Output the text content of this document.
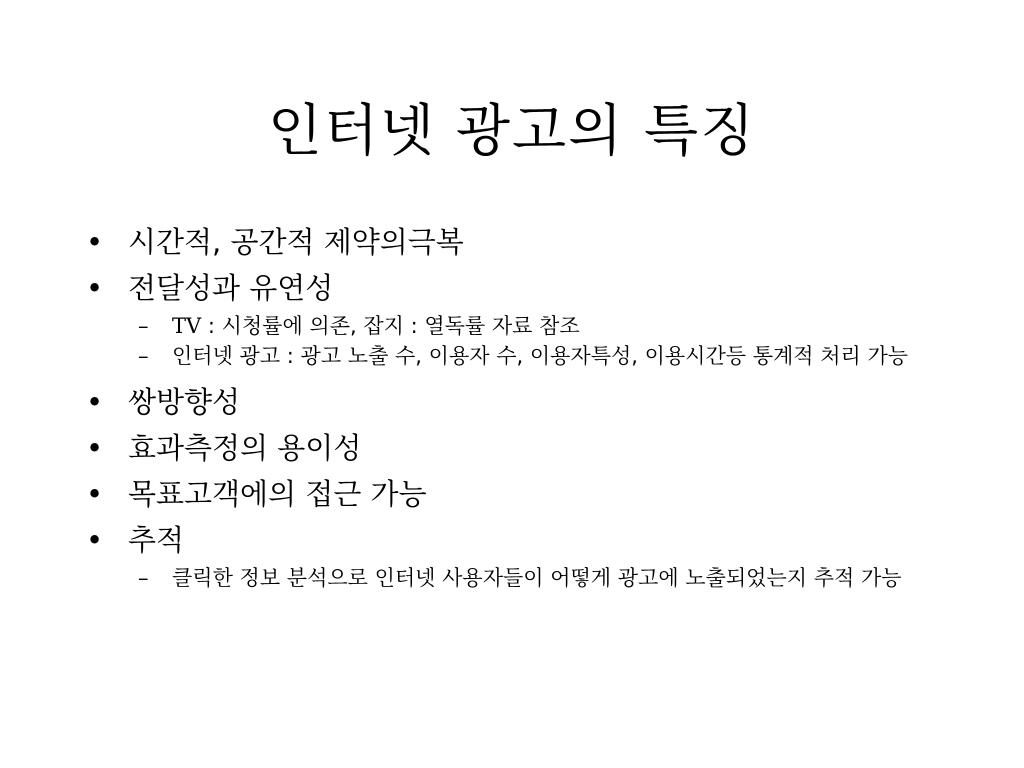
인터넷 광고의 특징
• 시간적, 공간적 제약의극복
• 전달성과 유연성
– TV : 시청률에 의존, 잡지 : 열독률 자료 참조
– 인터넷 광고 : 광고 노출 수, 이용자 수, 이용자특성, 이용시간등 통계적 처리 가능
• 쌍방향성
• 효과측정의 용이성
• 목표고객에의 접근 가능
• 추적
– 클릭한 정보 분석으로 인터넷 사용자들이 어떻게 광고에 노출되었는지 추적 가능
